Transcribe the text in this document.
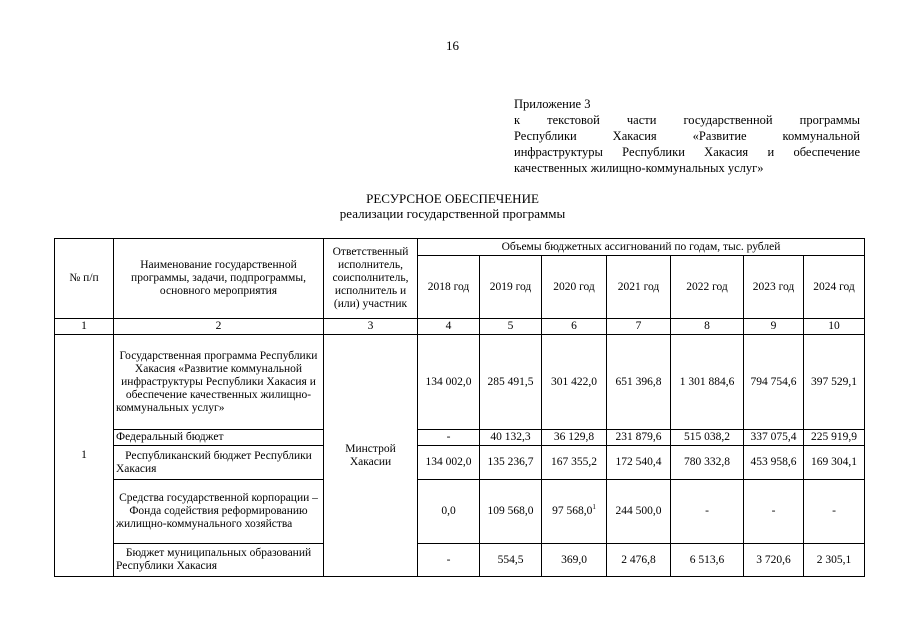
16
Приложение 3
к текстовой части государственной программы
Республики Хакасия «Развитие коммунальной
инфраструктуры Республики Хакасия и обеспечение
качественных жилищно-коммунальных услуг»
РЕСУРСНОЕ ОБЕСПЕЧЕНИЕ
реализации государственной программы
№ п/п	Наименование государственной программы, задачи, подпрограммы, основного мероприятия	Ответственный исполнитель, соисполнитель, исполнитель и (или) участник	Объемы бюджетных ассигнований по годам, тыс. рублей						
			2018 год	2019 год	2020 год	2021 год	2022 год	2023 год	2024 год
1	2	3	4	5	6	7	8	9	10
1	Государственная программа Республики Хакасия «Развитие коммунальной инфраструктуры Республики Хакасия и обеспечение качественных жилищно-коммунальных услуг»	Минстрой Хакасии	134 002,0	285 491,5	301 422,0	651 396,8	1 301 884,6	794 754,6	397 529,1
	Федеральный бюджет		-	40 132,3	36 129,8	231 879,6	515 038,2	337 075,4	225 919,9
	Республиканский бюджет Республики Хакасия		134 002,0	135 236,7	167 355,2	172 540,4	780 332,8	453 958,6	169 304,1
	Средства государственной корпорации – Фонда содействия реформированию жилищно-коммунального хозяйства		0,0	109 568,0	97 568,0$^1$	244 500,0	-	-	-
	Бюджет муниципальных образований Республики Хакасия		-	554,5	369,0	2 476,8	6 513,6	3 720,6	2 305,1
